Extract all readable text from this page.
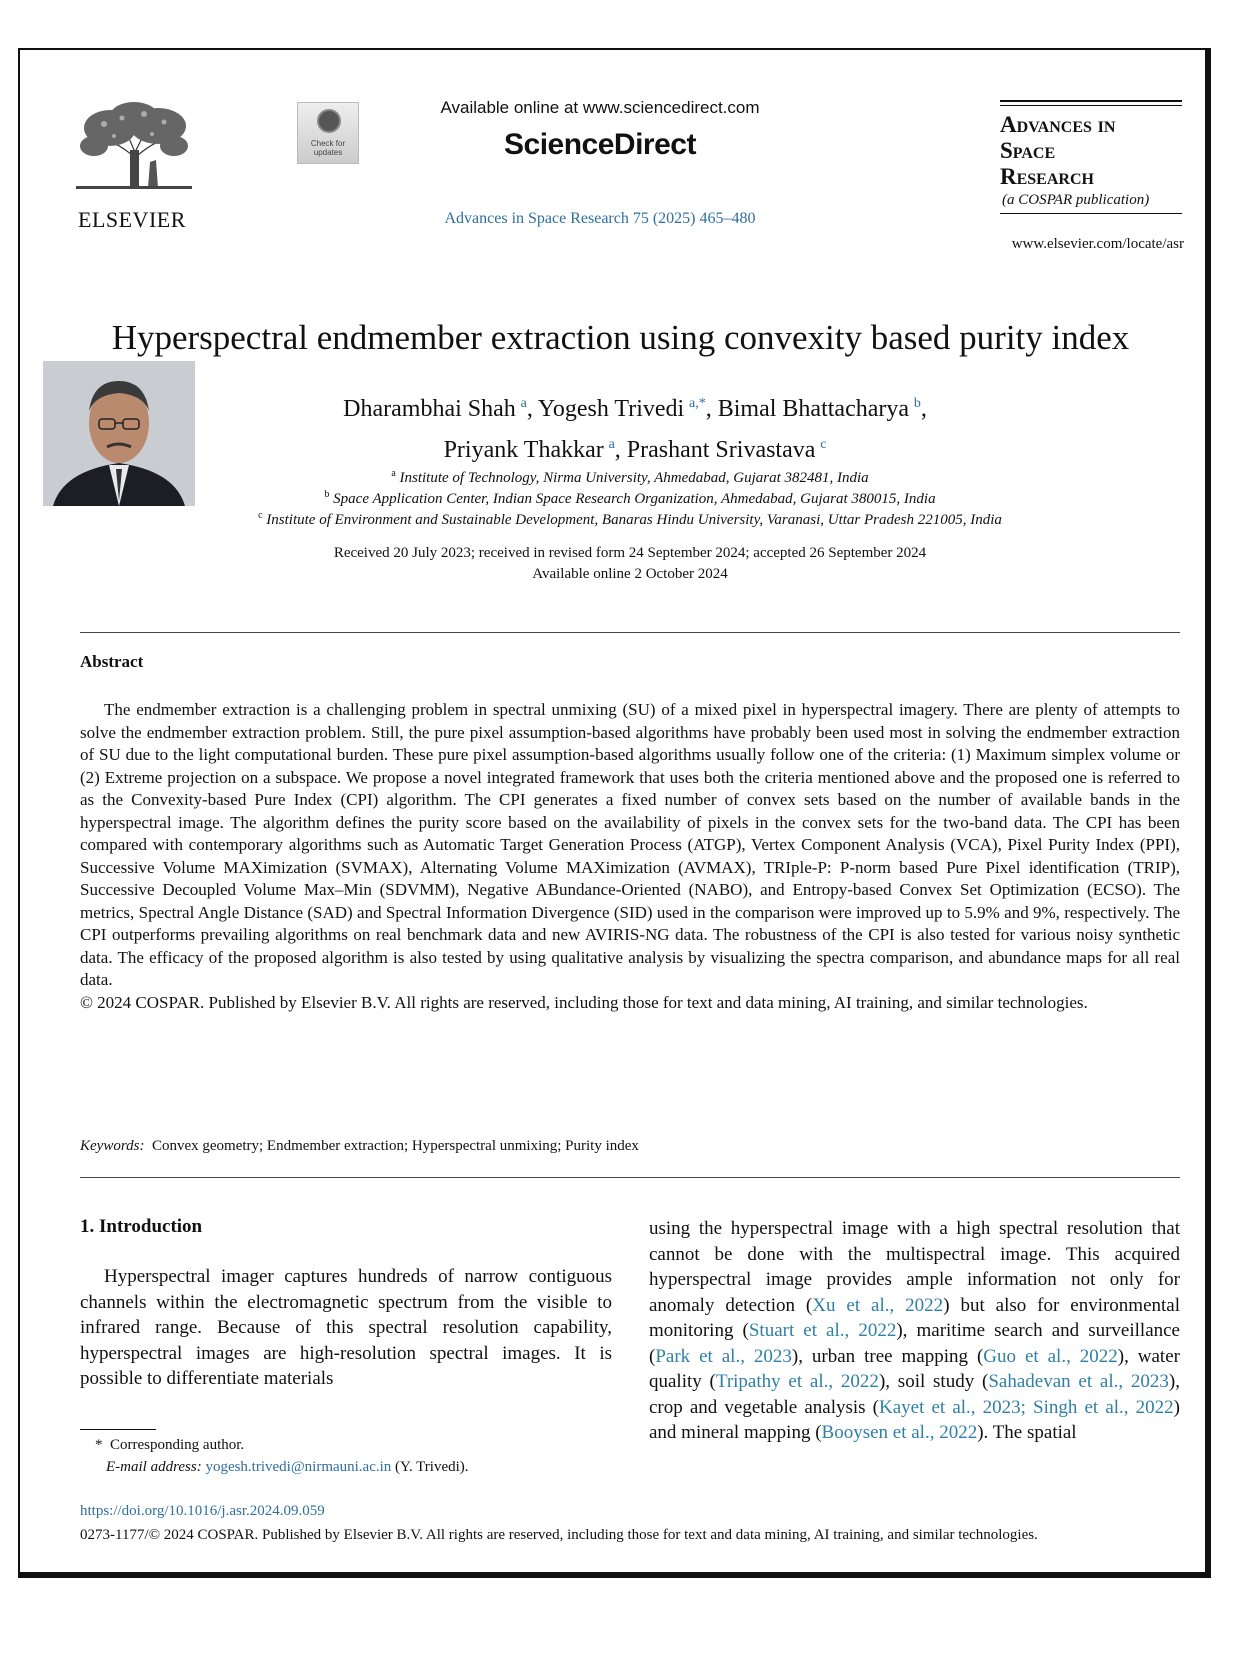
ELSEVIER
Check for updates
Available online at www.sciencedirect.com
ScienceDirect
Advances in Space Research 75 (2025) 465–480
Advances in
Space
Research
(a COSPAR publication)
www.elsevier.com/locate/asr
Hyperspectral endmember extraction using convexity based purity index
Dharambhai Shah  $^a$, Yogesh Trivedi  $^{a,*}$, Bimal Bhattacharya  $^b$,
Priyank Thakkar  $^a$, Prashant Srivastava  $^c$
$^a$ Institute of Technology, Nirma University, Ahmedabad, Gujarat 382481, India
$^b$ Space Application Center, Indian Space Research Organization, Ahmedabad, Gujarat 380015, India
$^c$ Institute of Environment and Sustainable Development, Banaras Hindu University, Varanasi, Uttar Pradesh 221005, India
Received 20 July 2023; received in revised form 24 September 2024; accepted 26 September 2024
Available online 2 October 2024
Abstract

The endmember extraction is a challenging problem in spectral unmixing (SU) of a mixed pixel in hyperspectral imagery. There are plenty of attempts to solve the endmember extraction problem. Still, the pure pixel assumption-based algorithms have probably been used most in solving the endmember extraction of SU due to the light computational burden. These pure pixel assumption-based algorithms usually follow one of the criteria: (1) Maximum simplex volume or (2) Extreme projection on a subspace. We propose a novel integrated framework that uses both the criteria mentioned above and the proposed one is referred to as the Convexity-based Pure Index (CPI) algorithm. The CPI generates a fixed number of convex sets based on the number of available bands in the hyperspectral image. The algorithm defines the purity score based on the availability of pixels in the convex sets for the two-band data. The CPI has been compared with contemporary algorithms such as Automatic Target Generation Process (ATGP), Vertex Component Analysis (VCA), Pixel Purity Index (PPI), Successive Volume MAXimization (SVMAX), Alternating Volume MAXimization (AVMAX), TRIple-P: P-norm based Pure Pixel identification (TRIP), Successive Decoupled Volume Max–Min (SDVMM), Negative ABundance-Oriented (NABO), and Entropy-based Convex Set Optimization (ECSO). The metrics, Spectral Angle Distance (SAD) and Spectral Information Divergence (SID) used in the comparison were improved up to 5.9% and 9%, respectively. The CPI outperforms prevailing algorithms on real benchmark data and new AVIRIS-NG data. The robustness of the CPI is also tested for various noisy synthetic data. The efficacy of the proposed algorithm is also tested by using qualitative analysis by visualizing the spectra comparison, and abundance maps for all real data.

© 2024 COSPAR. Published by Elsevier B.V. All rights are reserved, including those for text and data mining, AI training, and similar technologies.

Keywords: Convex geometry; Endmember extraction; Hyperspectral unmixing; Purity index
1. Introduction
Hyperspectral imager captures hundreds of narrow contiguous channels within the electromagnetic spectrum from the visible to infrared range. Because of this spectral resolution capability, hyperspectral images are high-resolution spectral images. It is possible to differentiate materials
using the hyperspectral image with a high spectral resolution that cannot be done with the multispectral image. This acquired hyperspectral image provides ample information not only for anomaly detection (Xu et al., 2022) but also for environmental monitoring (Stuart et al., 2022), maritime search and surveillance (Park et al., 2023), urban tree mapping (Guo et al., 2022), water quality (Tripathy et al., 2022), soil study (Sahadevan et al., 2023), crop and vegetable analysis (Kayet et al., 2023; Singh et al., 2022) and mineral mapping (Booysen et al., 2022). The spatial
* Corresponding author.
E-mail address: yogesh.trivedi@nirmauni.ac.in (Y. Trivedi).
https://doi.org/10.1016/j.asr.2024.09.059
0273-1177/© 2024 COSPAR. Published by Elsevier B.V. All rights are reserved, including those for text and data mining, AI training, and similar technologies.
